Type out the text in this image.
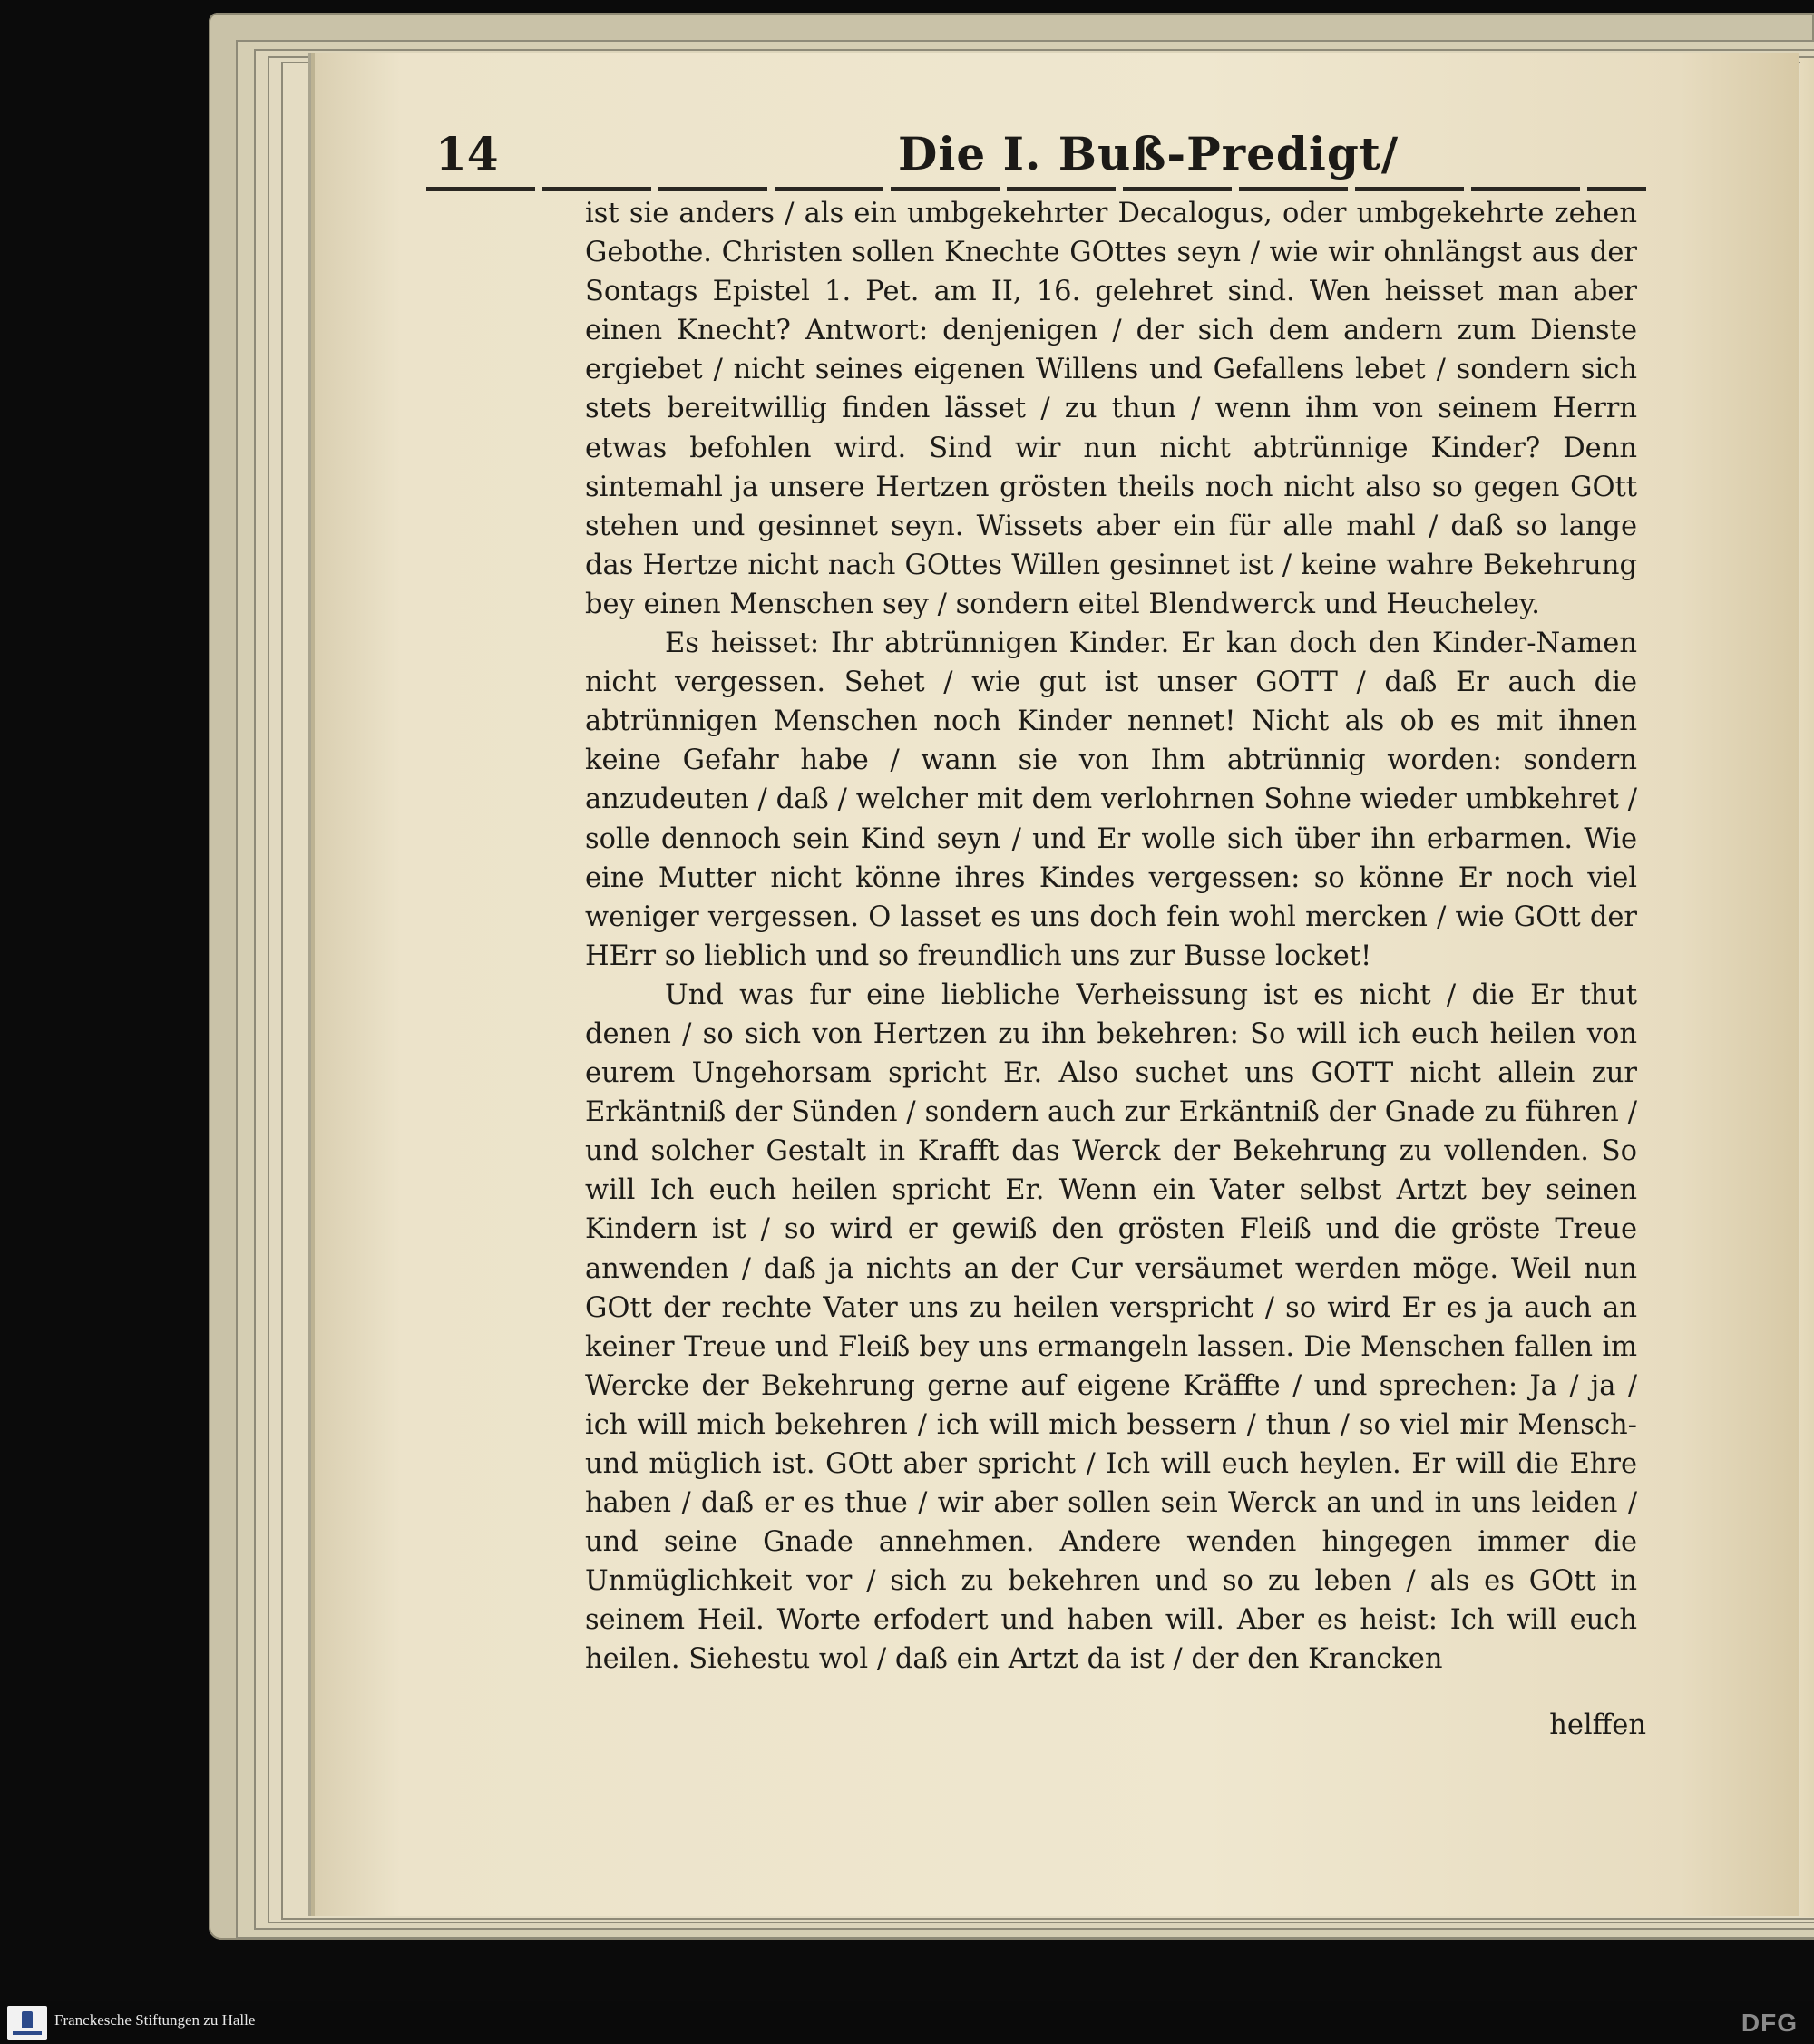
14	Die I. Buß-Predigt/

ist sie anders / als ein umbgekehrter Decalogus, oder umbgekehrte zehen Gebothe. Christen sollen Knechte GOttes seyn / wie wir ohnlängst aus der Sontags Epistel 1. Pet. am II, 16. gelehret sind. Wen heisset man aber einen Knecht? Antwort: denjenigen / der sich dem andern zum Dienste ergiebet / nicht seines eigenen Willens und Gefallens lebet / sondern sich stets bereitwillig finden lässet / zu thun / wenn ihm von seinem Herrn etwas befohlen wird. Sind wir nun nicht abtrünnige Kinder? Denn sintemahl ja unsere Hertzen grösten theils noch nicht also so gegen GOtt stehen und gesinnet seyn. Wissets aber ein für alle mahl / daß so lange das Hertze nicht nach GOttes Willen gesinnet ist / keine wahre Bekehrung bey einen Menschen sey / sondern eitel Blendwerck und Heucheley.

Es heisset: Ihr abtrünnigen Kinder. Er kan doch den Kinder-Namen nicht vergessen. Sehet / wie gut ist unser GOTT / daß Er auch die abtrünnigen Menschen noch Kinder nennet! Nicht als ob es mit ihnen keine Gefahr habe / wann sie von Ihm abtrünnig worden: sondern anzudeuten / daß / welcher mit dem verlohrnen Sohne wieder umbkehret / solle dennoch sein Kind seyn / und Er wolle sich über ihn erbarmen. Wie eine Mutter nicht könne ihres Kindes vergessen: so könne Er noch viel weniger vergessen. O lasset es uns doch fein wohl mercken / wie GOtt der HErr so lieblich und so freundlich uns zur Busse locket!

Und was fur eine liebliche Verheissung ist es nicht / die Er thut denen / so sich von Hertzen zu ihn bekehren: So will ich euch heilen von eurem Ungehorsam spricht Er. Also suchet uns GOTT nicht allein zur Erkäntniß der Sünden / sondern auch zur Erkäntniß der Gnade zu führen / und solcher Gestalt in Krafft das Werck der Bekehrung zu vollenden. So will Ich euch heilen spricht Er. Wenn ein Vater selbst Artzt bey seinen Kindern ist / so wird er gewiß den grösten Fleiß und die gröste Treue anwenden / daß ja nichts an der Cur versäumet werden möge. Weil nun GOtt der rechte Vater uns zu heilen verspricht / so wird Er es ja auch an keiner Treue und Fleiß bey uns ermangeln lassen. Die Menschen fallen im Wercke der Bekehrung gerne auf eigene Kräffte / und sprechen: Ja / ja / ich will mich bekehren / ich will mich bessern / thun / so viel mir Mensch- und müglich ist. GOtt aber spricht / Ich will euch heylen. Er will die Ehre haben / daß er es thue / wir aber sollen sein Werck an und in uns leiden / und seine Gnade annehmen. Andere wenden hingegen immer die Unmüglichkeit vor / sich zu bekehren und so zu leben / als es GOtt in seinem Heil. Worte erfodert und haben will. Aber es heist: Ich will euch heilen. Siehestu wol / daß ein Artzt da ist / der den Krancken

helffen
Franckesche Stiftungen zu Halle	DFG
